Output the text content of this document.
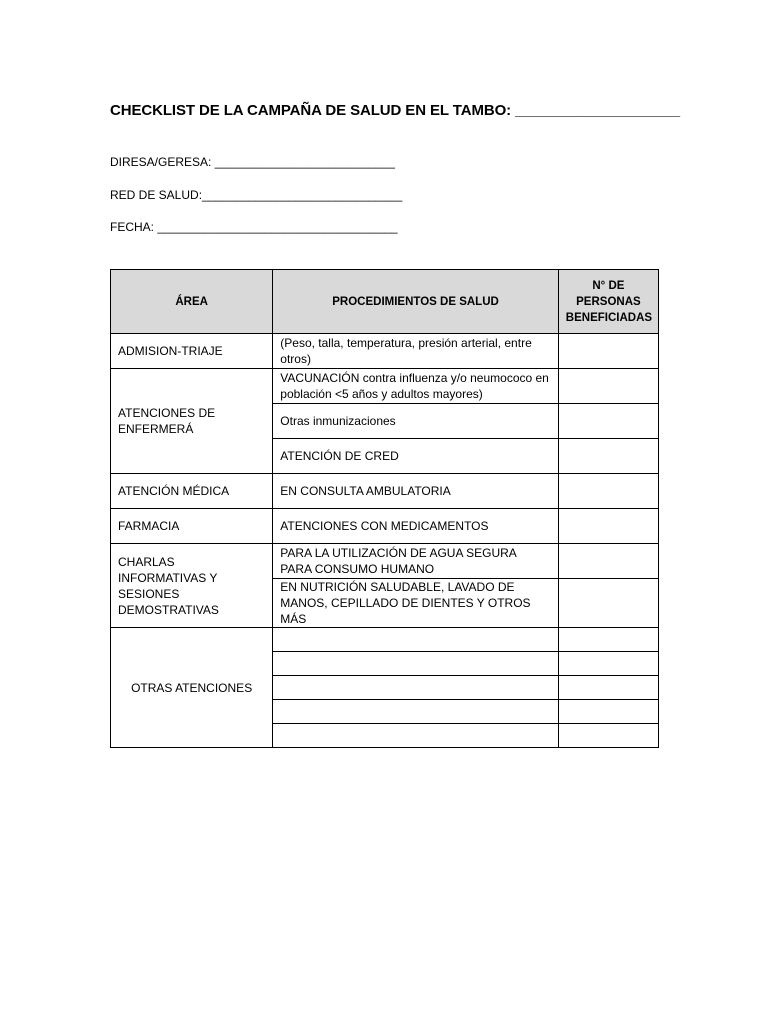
CHECKLIST DE LA CAMPAÑA DE SALUD EN EL TAMBO: ____________________
DIRESA/GERESA: ___________________________
RED DE SALUD:______________________________
FECHA: ____________________________________
ÁREA	PROCEDIMIENTOS DE SALUD	N° DE PERSONAS BENEFICIADAS
ADMISION-TRIAJE	(Peso, talla, temperatura, presión arterial, entre otros)	
ATENCIONES DE ENFERMERÁ	VACUNACIÓN contra influenza y/o neumococo en población <5 años y adultos mayores)	
	Otras inmunizaciones	
	ATENCIÓN DE CRED	
ATENCIÓN MÉDICA	EN CONSULTA AMBULATORIA	
FARMACIA	ATENCIONES CON MEDICAMENTOS	
CHARLAS INFORMATIVAS Y SESIONES DEMOSTRATIVAS	PARA LA UTILIZACIÓN DE AGUA SEGURA PARA CONSUMO HUMANO	
	EN NUTRICIÓN SALUDABLE, LAVADO DE MANOS, CEPILLADO DE DIENTES Y OTROS MÁS	
OTRAS ATENCIONES		
